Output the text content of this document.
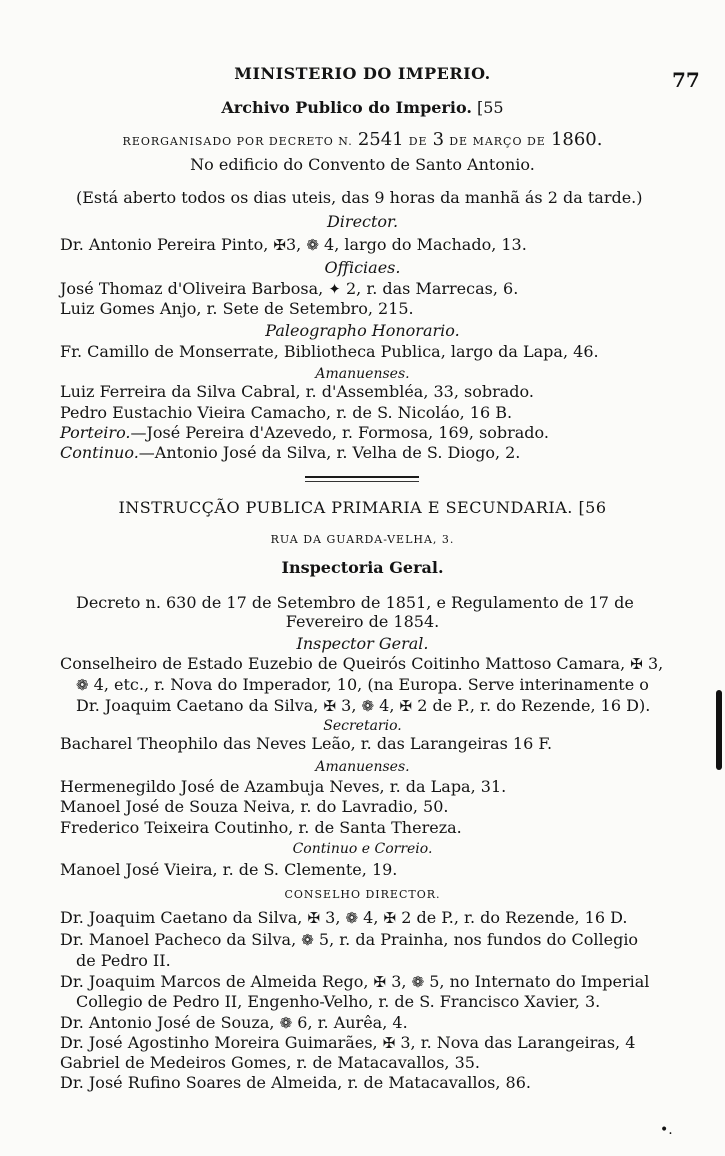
MINISTERIO DO IMPERIO.	77
Archivo Publico do Imperio. [55
REORGANISADO POR DECRETO N. 2541 DE 3 DE MARÇO DE 1860.
No edificio do Convento de Santo Antonio.
(Está aberto todos os dias uteis, das 9 horas da manhã ás 2 da tarde.)
Director.
Dr. Antonio Pereira Pinto, ✠3, ❁ 4, largo do Machado, 13.
Officiaes.
José Thomaz d'Oliveira Barbosa, ✦ 2, r. das Marrecas, 6.
Luiz Gomes Anjo, r. Sete de Setembro, 215.
Paleographo Honorario.
Fr. Camillo de Monserrate, Bibliotheca Publica, largo da Lapa, 46.
Amanuenses.
Luiz Ferreira da Silva Cabral, r. d'Assembléa, 33, sobrado.
Pedro Eustachio Vieira Camacho, r. de S. Nicoláo, 16 B.
Porteiro.—José Pereira d'Azevedo, r. Formosa, 169, sobrado.
Continuo.—Antonio José da Silva, r. Velha de S. Diogo, 2.
INSTRUCÇÃO PUBLICA PRIMARIA E SECUNDARIA. [56
RUA DA GUARDA-VELHA, 3.
Inspectoria Geral.
Decreto n. 630 de 17 de Setembro de 1851, e Regulamento de 17 de
Fevereiro de 1854.
Inspector Geral.
Conselheiro de Estado Euzebio de Queirós Coitinho Mattoso Camara, ✠ 3,
❁ 4, etc., r. Nova do Imperador, 10, (na Europa. Serve interinamente o
Dr. Joaquim Caetano da Silva, ✠ 3, ❁ 4, ✠ 2 de P., r. do Rezende, 16 D).
Secretario.
Bacharel Theophilo das Neves Leão, r. das Larangeiras 16 F.
Amanuenses.
Hermenegildo José de Azambuja Neves, r. da Lapa, 31.
Manoel José de Souza Neiva, r. do Lavradio, 50.
Frederico Teixeira Coutinho, r. de Santa Thereza.
Continuo e Correio.
Manoel José Vieira, r. de S. Clemente, 19.
CONSELHO DIRECTOR.
Dr. Joaquim Caetano da Silva, ✠ 3, ❁ 4, ✠ 2 de P., r. do Rezende, 16 D.
Dr. Manoel Pacheco da Silva, ❁ 5, r. da Prainha, nos fundos do Collegio
de Pedro II.
Dr. Joaquim Marcos de Almeida Rego, ✠ 3, ❁ 5, no Internato do Imperial
Collegio de Pedro II, Engenho-Velho, r. de S. Francisco Xavier, 3.
Dr. Antonio José de Souza, ❁ 6, r. Aurêa, 4.
Dr. José Agostinho Moreira Guimarães, ✠ 3, r. Nova das Larangeiras, 4
Gabriel de Medeiros Gomes, r. de Matacavallos, 35.
Dr. José Rufino Soares de Almeida, r. de Matacavallos, 86.
•.
